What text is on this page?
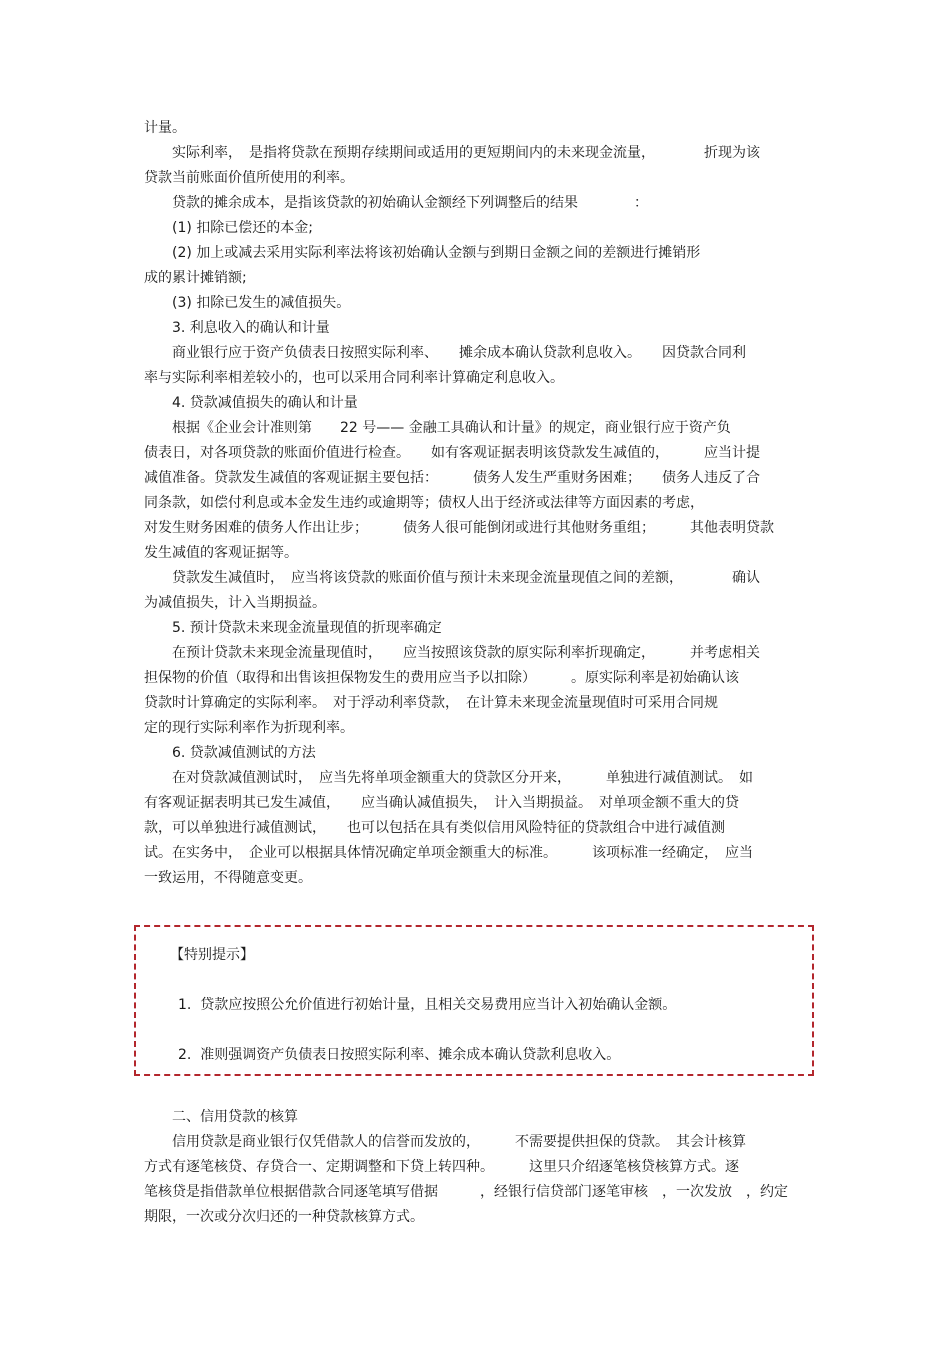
计量。

　　实际利率，　是指将贷款在预期存续期间或适用的更短期间内的未来现金流量，　　　　折现为该

贷款当前账面价值所使用的利率。

　　贷款的摊余成本，是指该贷款的初始确认金额经下列调整后的结果　　　　：

　　(1) 扣除已偿还的本金;

　　(2) 加上或减去采用实际利率法将该初始确认金额与到期日金额之间的差额进行摊销形

成的累计摊销额;

　　(3) 扣除已发生的减值损失。

　　3. 利息收入的确认和计量

　　商业银行应于资产负债表日按照实际利率、　　摊余成本确认贷款利息收入。　　因贷款合同利

率与实际利率相差较小的，也可以采用合同利率计算确定利息收入。

　　4. 贷款减值损失的确认和计量

　　根据《企业会计准则第　　22 号—— 金融工具确认和计量》的规定，商业银行应于资产负

债表日，对各项贷款的账面价值进行检查。　　如有客观证据表明该贷款发生减值的，　　　应当计提

减值准备。贷款发生减值的客观证据主要包括：　　　债务人发生严重财务困难；　　债务人违反了合

同条款，如偿付利息或本金发生违约或逾期等；债权人出于经济或法律等方面因素的考虑，

对发生财务困难的债务人作出让步；　　　债务人很可能倒闭或进行其他财务重组；　　　其他表明贷款

发生减值的客观证据等。

　　贷款发生减值时，　应当将该贷款的账面价值与预计未来现金流量现值之间的差额，　　　　确认

为减值损失，计入当期损益。

　　5. 预计贷款未来现金流量现值的折现率确定

　　在预计贷款未来现金流量现值时，　　应当按照该贷款的原实际利率折现确定，　　　并考虑相关

担保物的价值（取得和出售该担保物发生的费用应当予以扣除）　　　。原实际利率是初始确认该

贷款时计算确定的实际利率。　对于浮动利率贷款，　在计算未来现金流量现值时可采用合同规

定的现行实际利率作为折现利率。

　　6. 贷款减值测试的方法

　　在对贷款减值测试时，　应当先将单项金额重大的贷款区分开来，　　　单独进行减值测试。　如

有客观证据表明其已发生减值，　　应当确认减值损失，　计入当期损益。　对单项金额不重大的贷

款，可以单独进行减值测试，　　也可以包括在具有类似信用风险特征的贷款组合中进行减值测

试。在实务中，　企业可以根据具体情况确定单项金额重大的标准。　　　该项标准一经确定，　应当

一致运用，不得随意变更。

【特别提示】

1.  贷款应按照公允价值进行初始计量，且相关交易费用应当计入初始确认金额。

2.  准则强调资产负债表日按照实际利率、摊余成本确认贷款利息收入。

　　二、信用贷款的核算

　　信用贷款是商业银行仅凭借款人的信誉而发放的，　　　不需要提供担保的贷款。　其会计核算

方式有逐笔核贷、存贷合一、定期调整和下贷上转四种。　　　这里只介绍逐笔核贷核算方式。逐

笔核贷是指借款单位根据借款合同逐笔填写借据　　　，经银行信贷部门逐笔审核　，一次发放　，约定

期限，一次或分次归还的一种贷款核算方式。
